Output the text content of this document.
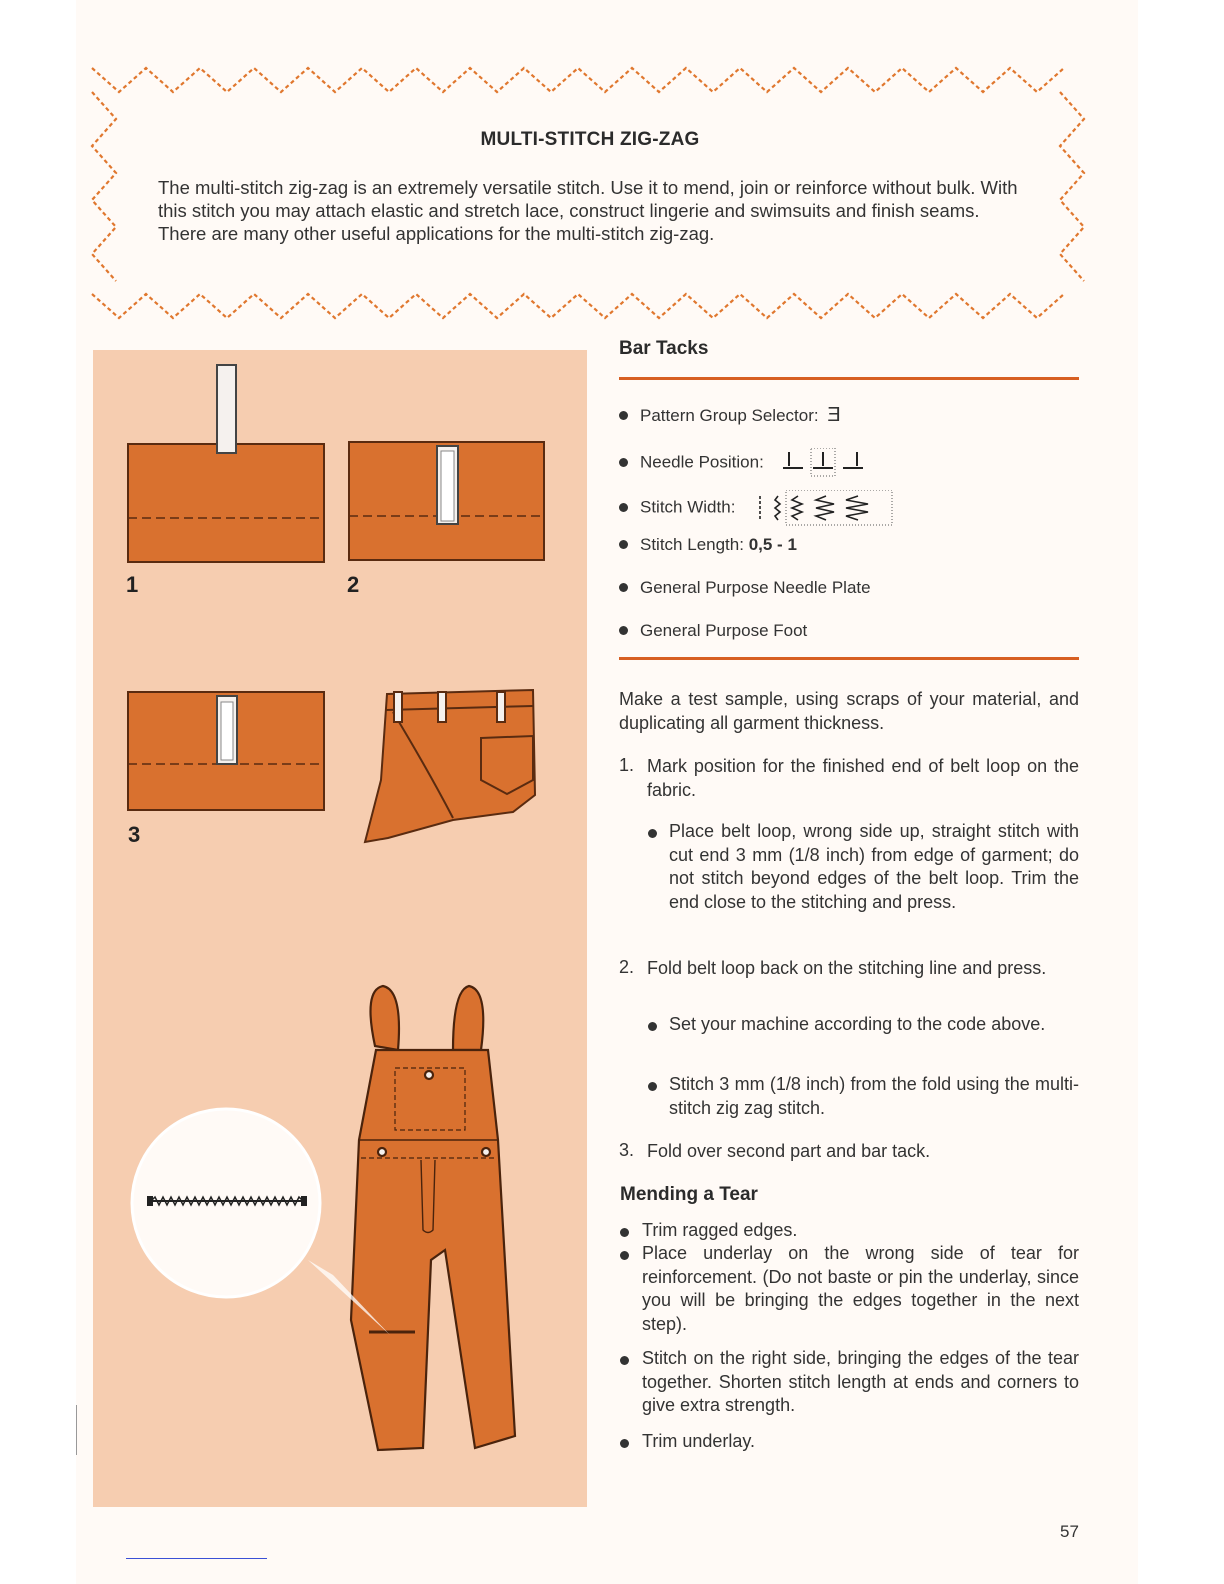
MULTI-STITCH ZIG-ZAG
The multi-stitch zig-zag is an extremely versatile stitch. Use it to mend, join or reinforce without bulk. With this stitch you may attach elastic and stretch lace, construct lingerie and swimsuits and finish seams. There are many other useful applications for the multi-stitch zig-zag.
1	2
3
Bar Tacks
Pattern Group Selector: Ǝ
Needle Position:
Stitch Width:
Stitch Length: 0,5 - 1
General Purpose Needle Plate
General Purpose Foot
Make a test sample, using scraps of your material, and duplicating all garment thickness.
1. Mark position for the finished end of belt loop on the fabric.
Place belt loop, wrong side up, straight stitch with cut end 3 mm (1/8 inch) from edge of garment; do not stitch beyond edges of the belt loop. Trim the end close to the stitching and press.
2. Fold belt loop back on the stitching line and press.
Set your machine according to the code above.
Stitch 3 mm (1/8 inch) from the fold using the multi-stitch zig zag stitch.
3. Fold over second part and bar tack.
Mending a Tear
Trim ragged edges.
Place underlay on the wrong side of tear for reinforcement. (Do not baste or pin the underlay, since you will be bringing the edges together in the next step).
Stitch on the right side, bringing the edges of the tear together. Shorten stitch length at ends and corners to give extra strength.
Trim underlay.
57
